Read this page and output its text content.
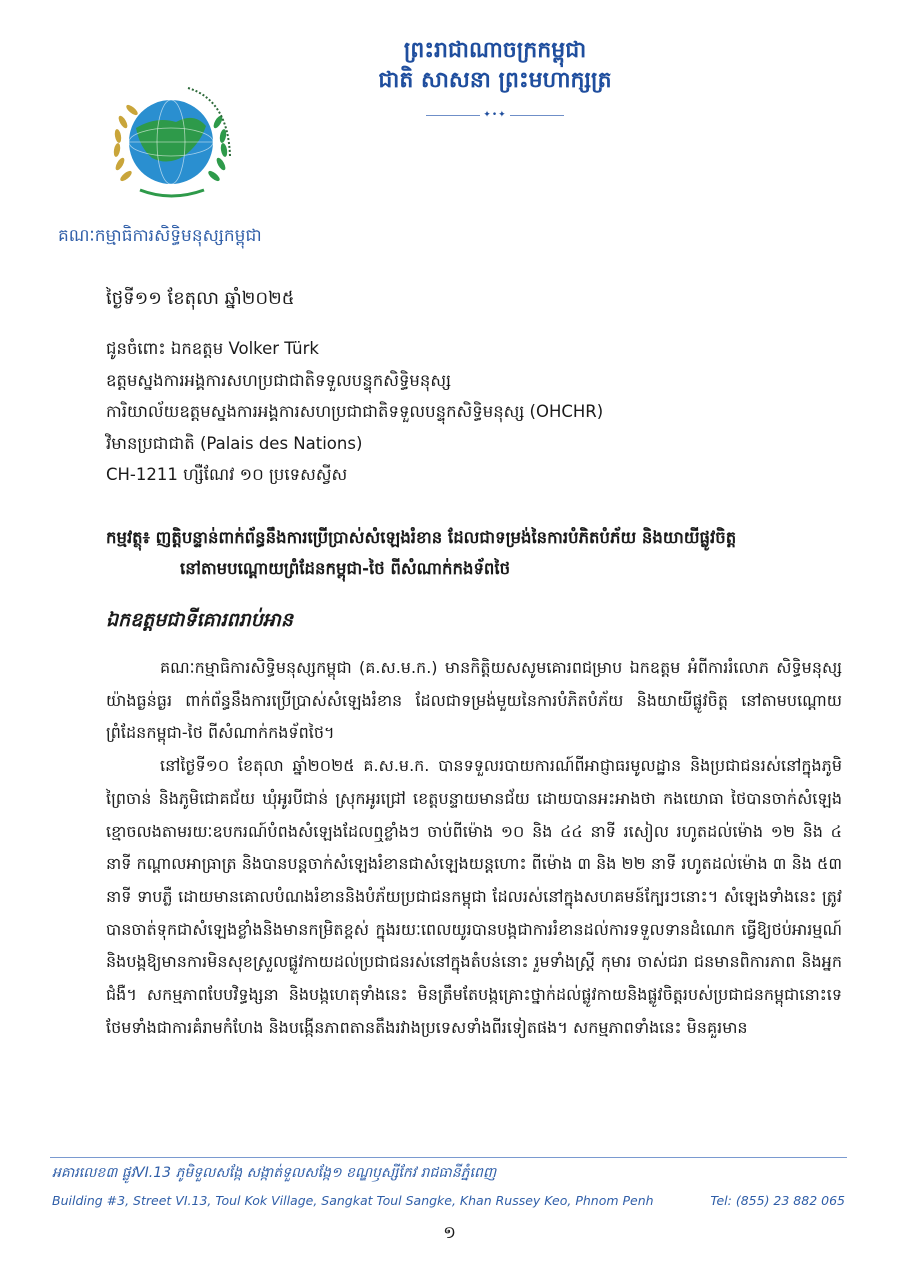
ព្រះរាជាណាចក្រកម្ពុជា
ជាតិ សាសនា ព្រះមហាក្សត្រ
✦•✦
គណៈកម្មាធិការសិទ្ធិមនុស្សកម្ពុជា
ថ្ងៃទី១១ ខែតុលា ឆ្នាំ២០២៥
ជូនចំពោះ ឯកឧត្ដម Volker Türk
ឧត្ដមស្នងការអង្គការសហប្រជាជាតិទទួលបន្ទុកសិទ្ធិមនុស្ស
ការិយាល័យឧត្ដមស្នងការអង្គការសហប្រជាជាតិទទួលបន្ទុកសិទ្ធិមនុស្ស (OHCHR)
វិមានប្រជាជាតិ (Palais des Nations)
CH-1211 ហ្សឺណែវ ១០ ប្រទេសស្វីស
កម្មវត្ថុ៖ ញត្តិបន្ទាន់ពាក់ព័ន្ធនឹងការប្រើប្រាស់សំឡេងរំខាន ដែលជាទម្រង់នៃការបំភិតបំភ័យ និងយាយីផ្លូវចិត្ត
នៅតាមបណ្ដោយព្រំដែនកម្ពុជា-ថៃ ពីសំណាក់កងទ័ពថៃ
ឯកឧត្ដមជាទីគោរពរាប់អាន

គណៈកម្មាធិការសិទ្ធិមនុស្សកម្ពុជា (គ.ស.ម.ក.) មានកិត្តិយសសូមគោរពជម្រាប ឯកឧត្ដម អំពីការរំលោភ សិទ្ធិមនុស្សយ៉ាងធ្ងន់ធ្ងរ ពាក់ព័ន្ធនឹងការប្រើប្រាស់សំឡេងរំខាន ដែលជាទម្រង់មួយនៃការបំភិតបំភ័យ និងយាយីផ្លូវចិត្ត នៅតាមបណ្ដោយព្រំដែនកម្ពុជា-ថៃ ពីសំណាក់កងទ័ពថៃ។

នៅថ្ងៃទី១០ ខែតុលា ឆ្នាំ២០២៥ គ.ស.ម.ក. បានទទួលរបាយការណ៍ពីអាជ្ញាធរមូលដ្ឋាន និងប្រជាជនរស់នៅក្នុងភូមិព្រៃចាន់ និងភូមិជោគជ័យ ឃុំអូរបីជាន់ ស្រុកអូរជ្រៅ ខេត្តបន្ទាយមានជ័យ ដោយបានអះអាងថា កងយោធា ថៃបានចាក់សំឡេងខ្មោចលងតាមរយៈឧបករណ៍បំពងសំឡេងដែលឮខ្លាំងៗ ចាប់ពីម៉ោង ១០ និង ៤៤ នាទី រសៀល រហូតដល់ម៉ោង ១២ និង ៤ នាទី កណ្ដាលអាធ្រាត្រ និងបានបន្តចាក់សំឡេងរំខានជាសំឡេងយន្តហោះ ពីម៉ោង ៣ និង ២២ នាទី រហូតដល់ម៉ោង ៣ និង ៥៣ នាទី ទាបភ្លឺ ដោយមានគោលបំណងរំខាននិងបំភ័យប្រជាជនកម្ពុជា ដែលរស់នៅក្នុងសហគមន៍ក្បែរៗនោះ។ សំឡេងទាំងនេះ ត្រូវបានចាត់ទុកជាសំឡេងខ្លាំងនិងមានកម្រិតខ្ពស់ ក្នុងរយៈពេលយូរបានបង្កជាការរំខានដល់ការទទួលទានដំណេក ធ្វើឱ្យថប់អារម្មណ៍ និងបង្កឱ្យមានការមិនសុខស្រួលផ្លូវកាយដល់ប្រជាជនរស់នៅក្នុងតំបន់នោះ រួមទាំងស្ត្រី កុមារ ចាស់ជរា ជនមានពិការភាព និងអ្នកជំងឺ។ សកម្មភាពបែបវិទ្ធង្សនា និងបង្កហេតុទាំងនេះ មិនត្រឹមតែបង្កគ្រោះថ្នាក់ដល់ផ្លូវកាយនិងផ្លូវចិត្តរបស់ប្រជាជនកម្ពុជានោះទេ ថែមទាំងជាការគំរាមកំហែង និងបង្កើនភាពតានតឹងរវាងប្រទេសទាំងពីរទៀតផង។ សកម្មភាពទាំងនេះ មិនគួរមាន

អគារលេខ៣ ផ្លូវVI.13 ភូមិទួលសង្កែ សង្កាត់ទួលសង្កែ១ ខណ្ឌឫស្សីកែវ រាជធានីភ្នំពេញ
Building #3, Street VI.13, Toul Kok Village, Sangkat Toul Sangke, Khan Russey Keo, Phnom Penh	Tel: (855) 23 882 065
១
